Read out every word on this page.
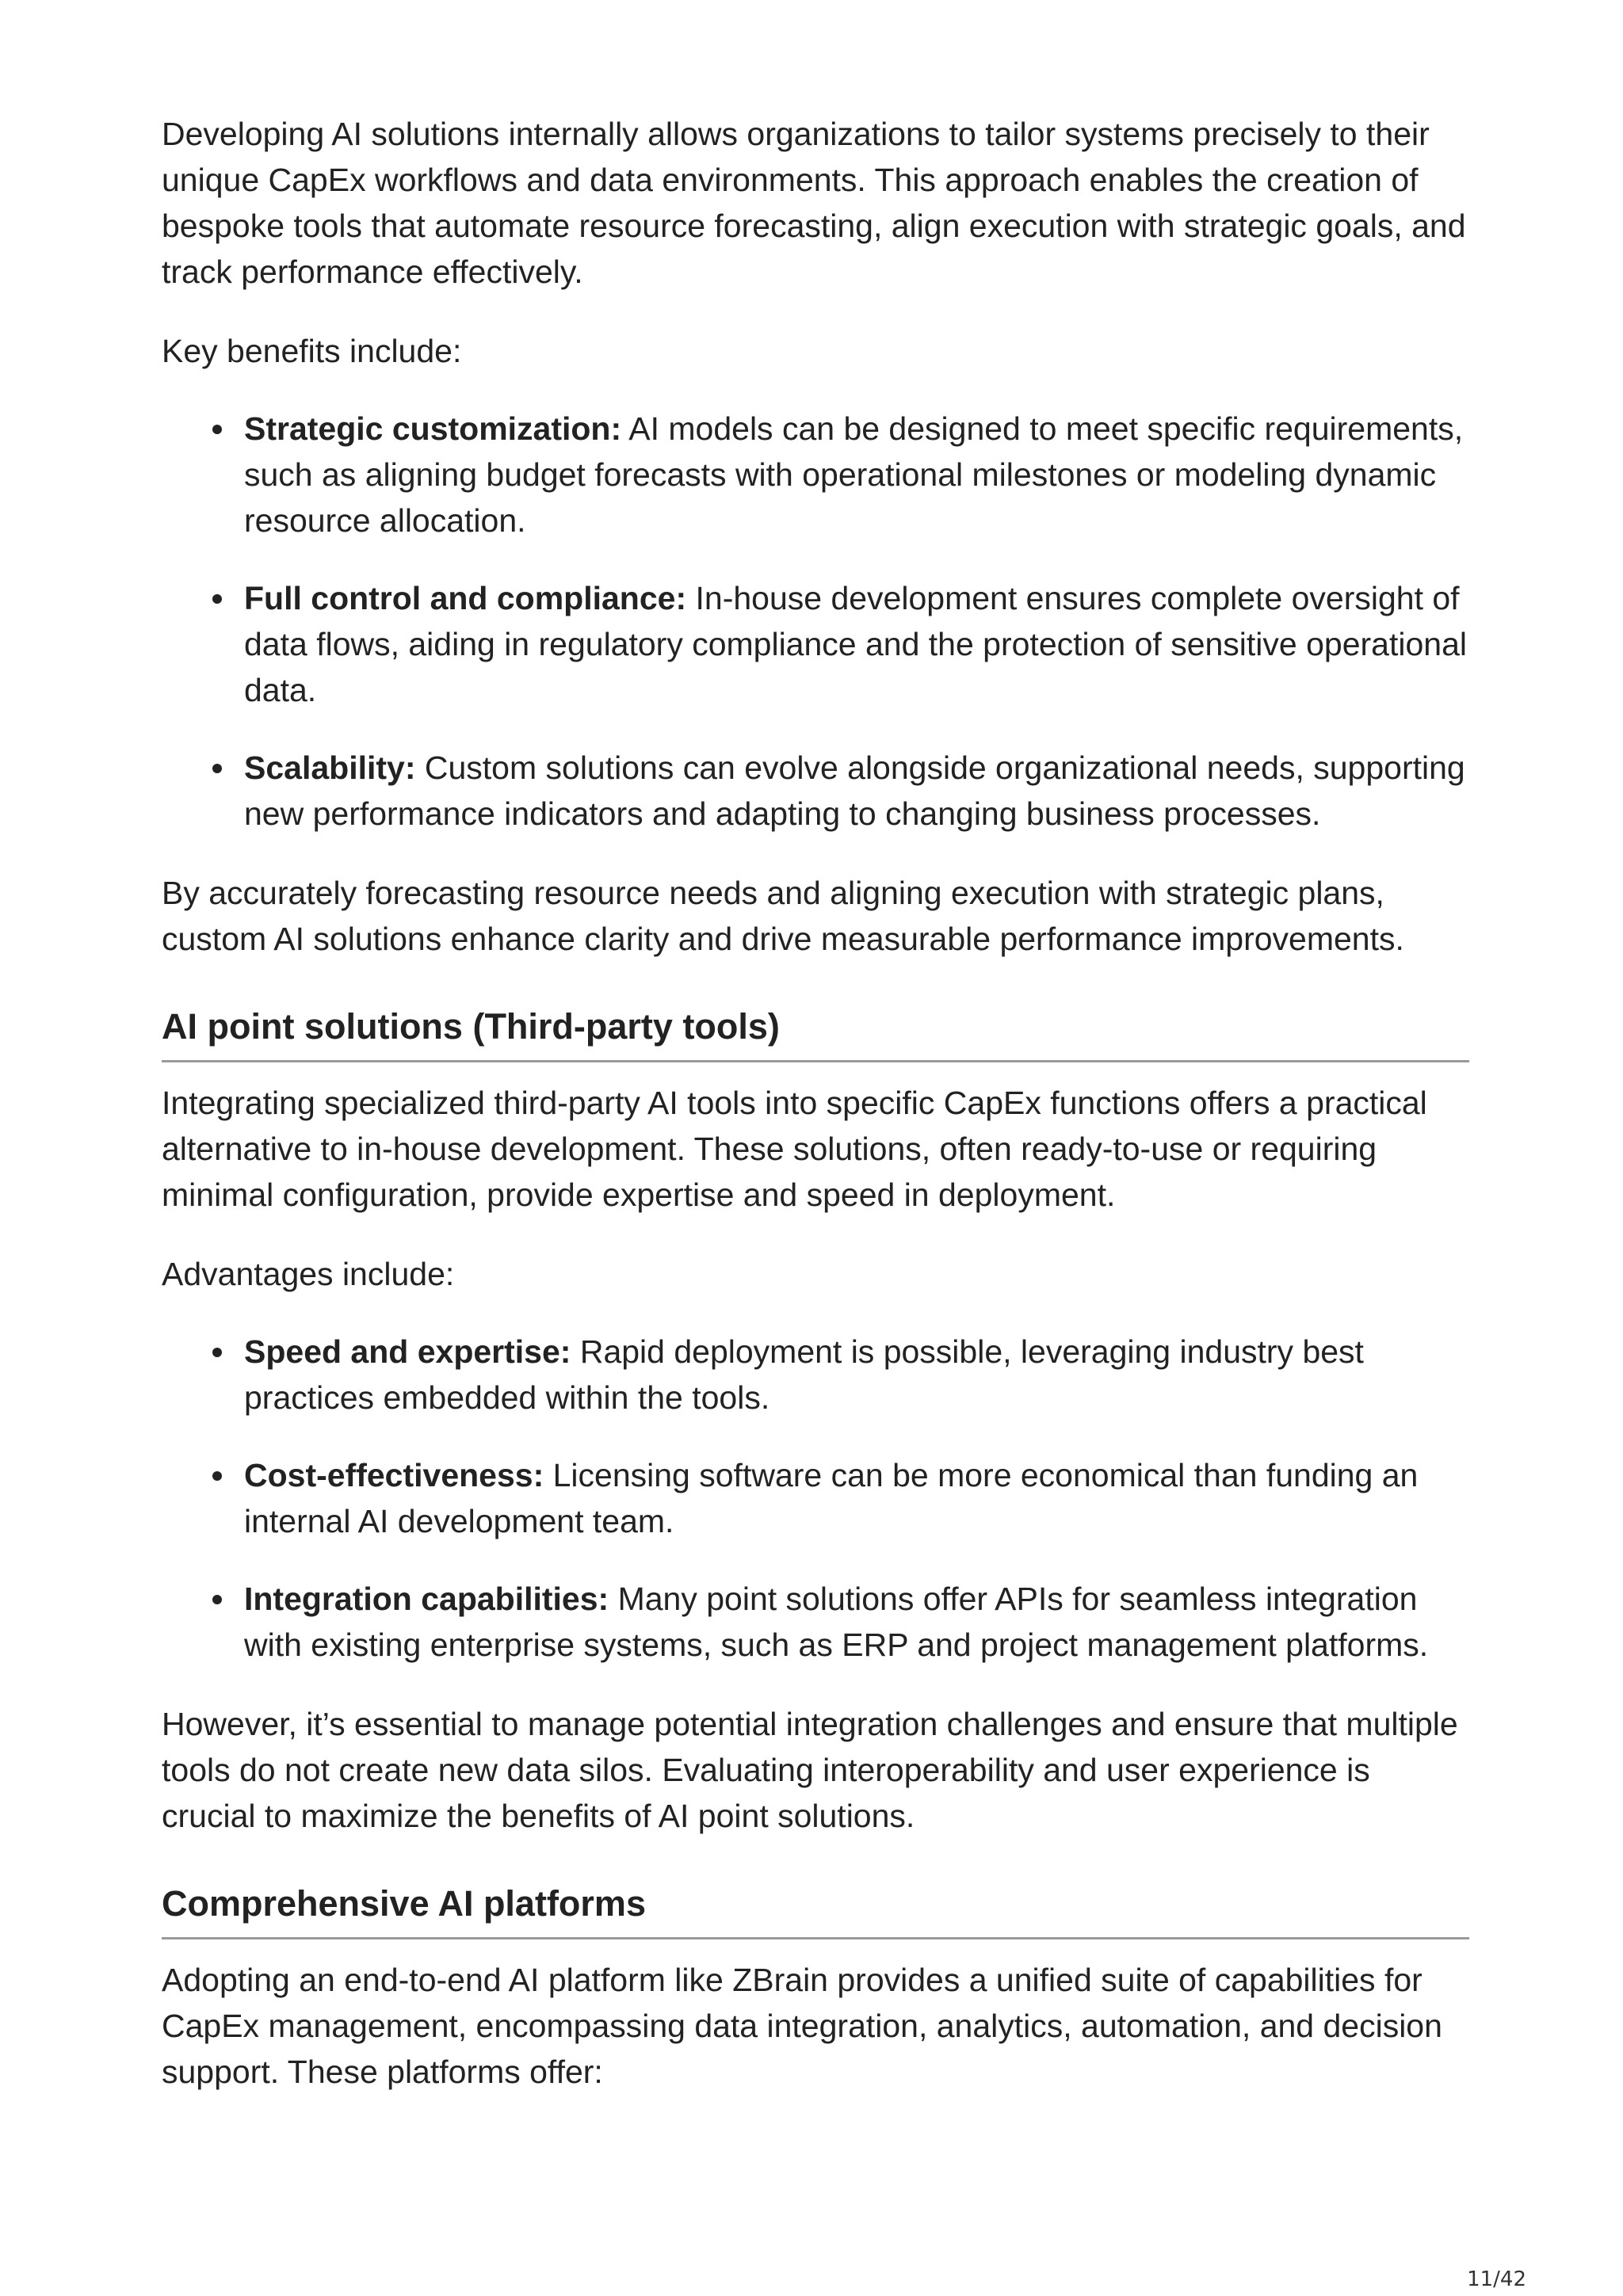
Developing AI solutions internally allows organizations to tailor systems precisely to their unique CapEx workflows and data environments. This approach enables the creation of bespoke tools that automate resource forecasting, align execution with strategic goals, and track performance effectively.

Key benefits include:

Strategic customization: AI models can be designed to meet specific requirements, such as aligning budget forecasts with operational milestones or modeling dynamic resource allocation.
Full control and compliance: In-house development ensures complete oversight of data flows, aiding in regulatory compliance and the protection of sensitive operational data.
Scalability: Custom solutions can evolve alongside organizational needs, supporting new performance indicators and adapting to changing business processes.

By accurately forecasting resource needs and aligning execution with strategic plans, custom AI solutions enhance clarity and drive measurable performance improvements.

AI point solutions (Third-party tools)

Integrating specialized third-party AI tools into specific CapEx functions offers a practical alternative to in-house development. These solutions, often ready-to-use or requiring minimal configuration, provide expertise and speed in deployment.

Advantages include:

Speed and expertise: Rapid deployment is possible, leveraging industry best practices embedded within the tools.
Cost-effectiveness: Licensing software can be more economical than funding an internal AI development team.
Integration capabilities: Many point solutions offer APIs for seamless integration with existing enterprise systems, such as ERP and project management platforms.

However, it’s essential to manage potential integration challenges and ensure that multiple tools do not create new data silos. Evaluating interoperability and user experience is crucial to maximize the benefits of AI point solutions.

Comprehensive AI platforms

Adopting an end-to-end AI platform like ZBrain provides a unified suite of capabilities for CapEx management, encompassing data integration, analytics, automation, and decision support. These platforms offer:

11/42
